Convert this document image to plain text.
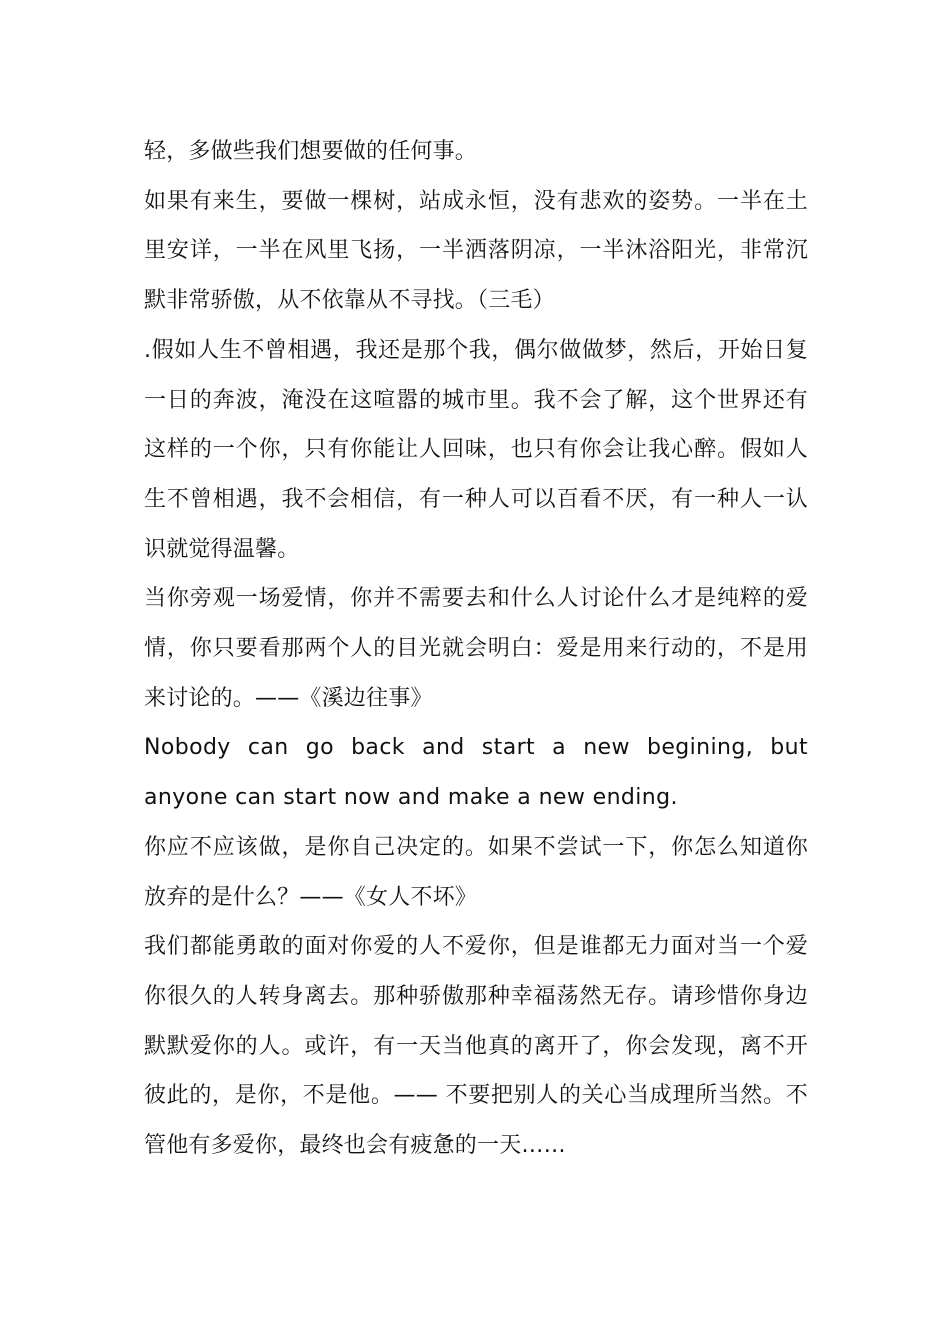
轻，多做些我们想要做的任何事。

如果有来生，要做一棵树，站成永恒，没有悲欢的姿势。一半在土里安详，一半在风里飞扬，一半洒落阴凉，一半沐浴阳光，非常沉默非常骄傲，从不依靠从不寻找。（三毛）

.假如人生不曾相遇，我还是那个我，偶尔做做梦，然后，开始日复一日的奔波，淹没在这喧嚣的城市里。我不会了解，这个世界还有这样的一个你，只有你能让人回味，也只有你会让我心醉。假如人生不曾相遇，我不会相信，有一种人可以百看不厌，有一种人一认识就觉得温馨。

当你旁观一场爱情，你并不需要去和什么人讨论什么才是纯粹的爱情，你只要看那两个人的目光就会明白：爱是用来行动的，不是用来讨论的。——《溪边往事》

Nobody can go back and start a new begining, but anyone can start now and make a new ending.

你应不应该做，是你自己决定的。如果不尝试一下，你怎么知道你放弃的是什么？——《女人不坏》

我们都能勇敢的面对你爱的人不爱你，但是谁都无力面对当一个爱你很久的人转身离去。那种骄傲那种幸福荡然无存。请珍惜你身边默默爱你的人。或许，有一天当他真的离开了，你会发现，离不开彼此的，是你，不是他。—— 不要把别人的关心当成理所当然。不管他有多爱你，最终也会有疲惫的一天……
